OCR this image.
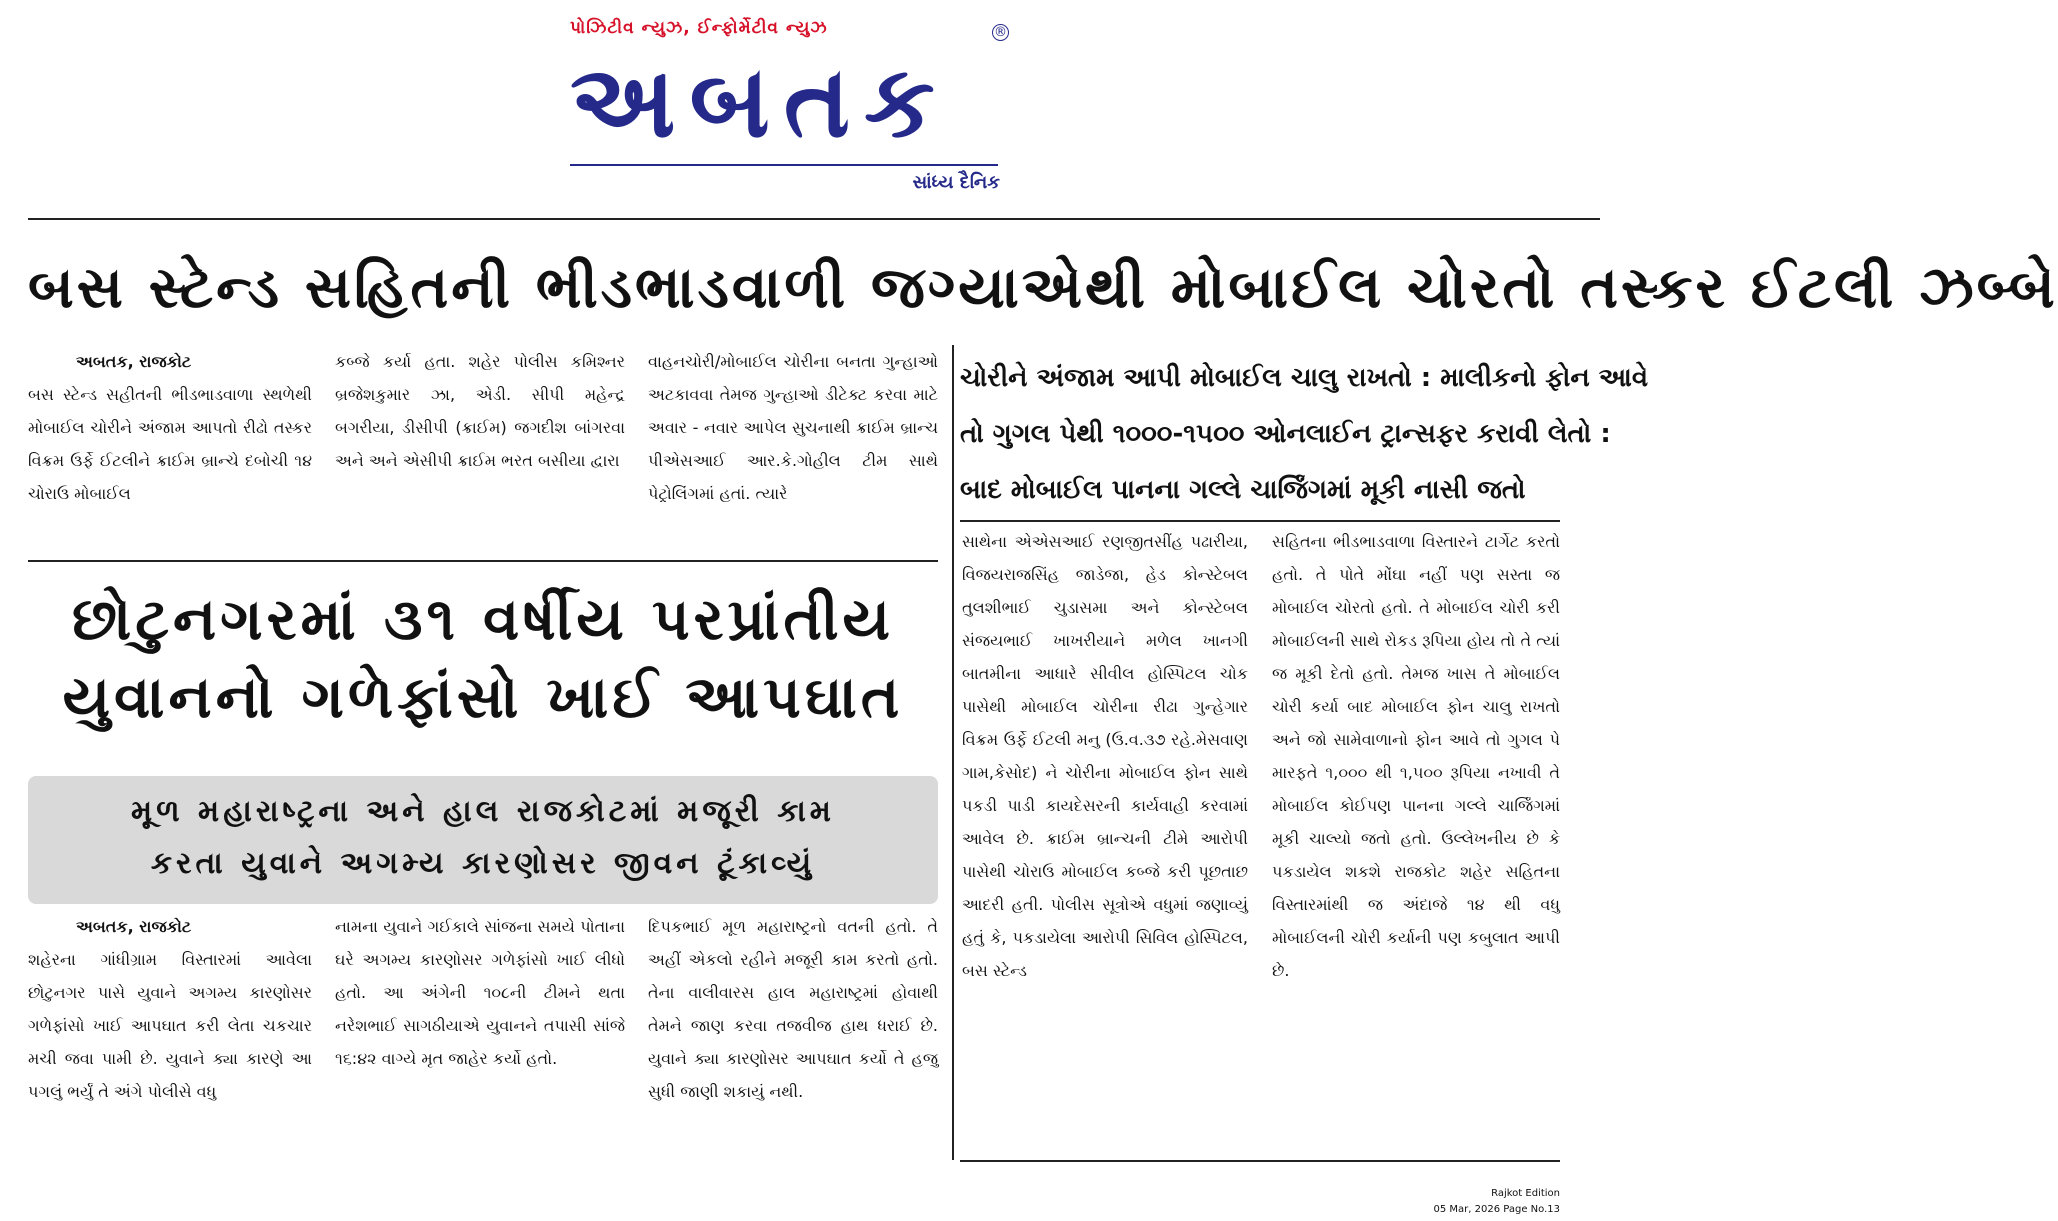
પોઝિટીવ ન્યુઝ, ઈન્ફોર્મેટીવ ન્યુઝ
અબતક
®
સાંધ્ય દૈનિક
બસ સ્ટેન્ડ સહિતની ભીડભાડવાળી જગ્યાએથી મોબાઈલ ચોરતો તસ્કર ઈટલી ઝબ્બે
અબતક, રાજકોટ
બસ સ્ટેન્ડ સહીતની ભીડભાડવાળા સ્થળેથી મોબાઈલ ચોરીને અંજામ આપતો રીઢો તસ્કર વિક્રમ ઉર્ફે ઈટલીને ક્રાઈમ બ્રાન્ચે દબોચી ૧૪ ચોરાઉ મોબાઈલ
કબ્જે કર્યા હતા. શહેર પોલીસ કમિશ્નર બ્રજેશકુમાર ઝા, એડી. સીપી મહેન્દ્ર બગરીયા, ડીસીપી (ક્રાઈમ) જગદીશ બાંગરવા અને અને એસીપી ક્રાઈમ ભરત બસીયા દ્વારા
વાહનચોરી/મોબાઈલ ચોરીના બનતા ગુન્હાઓ અટકાવવા તેમજ ગુન્હાઓ ડીટેક્ટ કરવા માટે અવાર - નવાર આપેલ સુચનાથી ક્રાઈમ બ્રાન્ચ પીએસઆઈ આર.કે.ગોહીલ ટીમ સાથે પેટ્રોલિંગમાં હતાં. ત્યારે
ચોરીને અંજામ આપી મોબાઈલ ચાલુ રાખતો : માલીકનો ફોન આવે
તો ગુગલ પેથી ૧૦૦૦-૧૫૦૦ ઓનલાઈન ટ્રાન્સફર કરાવી લેતો :
બાદ મોબાઈલ પાનના ગલ્લે ચાર્જિંગમાં મૂકી નાસી જતો
સાથેના એએસઆઈ રણજીતસીંહ પઢારીયા, વિજયરાજસિંહ જાડેજા, હેડ કોન્સ્ટેબલ તુલશીભાઈ ચુડાસમા અને કોન્સ્ટેબલ સંજયભાઈ ખાખરીયાને મળેલ ખાનગી બાતમીના આધારે સીવીલ હોસ્પિટલ ચોક પાસેથી મોબાઈલ ચોરીના રીઢા ગુન્હેગાર વિક્રમ ઉર્ફે ઈટલી મનુ (ઉ.વ.૩૭ રહે.મેસવાણ ગામ,કેસોદ) ને ચોરીના મોબાઈલ ફોન સાથે પકડી પાડી કાયદેસરની કાર્યવાહી કરવામાં આવેલ છે. ક્રાઈમ બ્રાન્ચની ટીમે આરોપી પાસેથી ચોરાઉ મોબાઈલ કબ્જે કરી પૂછતાછ આદરી હતી. પોલીસ સૂત્રોએ વધુમાં જણાવ્યું હતું કે, પકડાયેલા આરોપી સિવિલ હોસ્પિટલ, બસ સ્ટેન્ડ
સહિતના ભીડભાડવાળા વિસ્તારને ટાર્ગેટ કરતો હતો. તે પોતે મોંઘા નહીં પણ સસ્તા જ મોબાઈલ ચોરતો હતો. તે મોબાઈલ ચોરી કરી મોબાઈલની સાથે રોકડ રૂપિયા હોય તો તે ત્યાં જ મૂકી દેતો હતો. તેમજ ખાસ તે મોબાઈલ ચોરી કર્યા બાદ મોબાઈલ ફોન ચાલુ રાખતો અને જો સામેવાળાનો ફોન આવે તો ગુગલ પે મારફતે ૧,૦૦૦ થી ૧,૫૦૦ રૂપિયા નખાવી તે મોબાઈલ કોઈપણ પાનના ગલ્લે ચાર્જિંગમાં મૂકી ચાલ્યો જતો હતો. ઉલ્લેખનીય છે કે પકડાયેલ શકશે રાજકોટ શહેર સહિતના વિસ્તારમાંથી જ અંદાજે ૧૪ થી વધુ મોબાઈલની ચોરી કર્યાની પણ કબુલાત આપી છે.
છોટુનગરમાં ૩૧ વર્ષીય પરપ્રાંતીય
યુવાનનો ગળેફાંસો ખાઈ આપઘાત
મૂળ મહારાષ્ટ્રના અને હાલ રાજકોટમાં મજૂરી કામ
કરતા યુવાને અગમ્ય કારણોસર જીવન ટૂંકાવ્યું
અબતક, રાજકોટ
શહેરના ગાંધીગ્રામ વિસ્તારમાં આવેલા છોટુનગર પાસે યુવાને અગમ્ય કારણોસર ગળેફાંસો ખાઈ આપઘાત કરી લેતા ચકચાર મચી જવા પામી છે. યુવાને ક્યા કારણે આ પગલું ભર્યું તે અંગે પોલીસે વધુ
નામના યુવાને ગઈકાલે સાંજના સમયે પોતાના ઘરે અગમ્ય કારણોસર ગળેફાંસો ખાઈ લીધો હતો. આ અંગેની ૧૦૮ની ટીમને થતા નરેશભાઈ સાગઠીયાએ યુવાનને તપાસી સાંજે ૧૬:૪૨ વાગ્યે મૃત જાહેર કર્યો હતો.
દિપકભાઈ મૂળ મહારાષ્ટ્રનો વતની હતો. તે અહીં એકલો રહીને મજૂરી કામ કરતો હતો. તેના વાલીવારસ હાલ મહારાષ્ટ્રમાં હોવાથી તેમને જાણ કરવા તજવીજ હાથ ધરાઈ છે. યુવાને ક્યા કારણોસર આપઘાત કર્યો તે હજુ સુધી જાણી શકાયું નથી.
Rajkot Edition
05 Mar, 2026 Page No.13
